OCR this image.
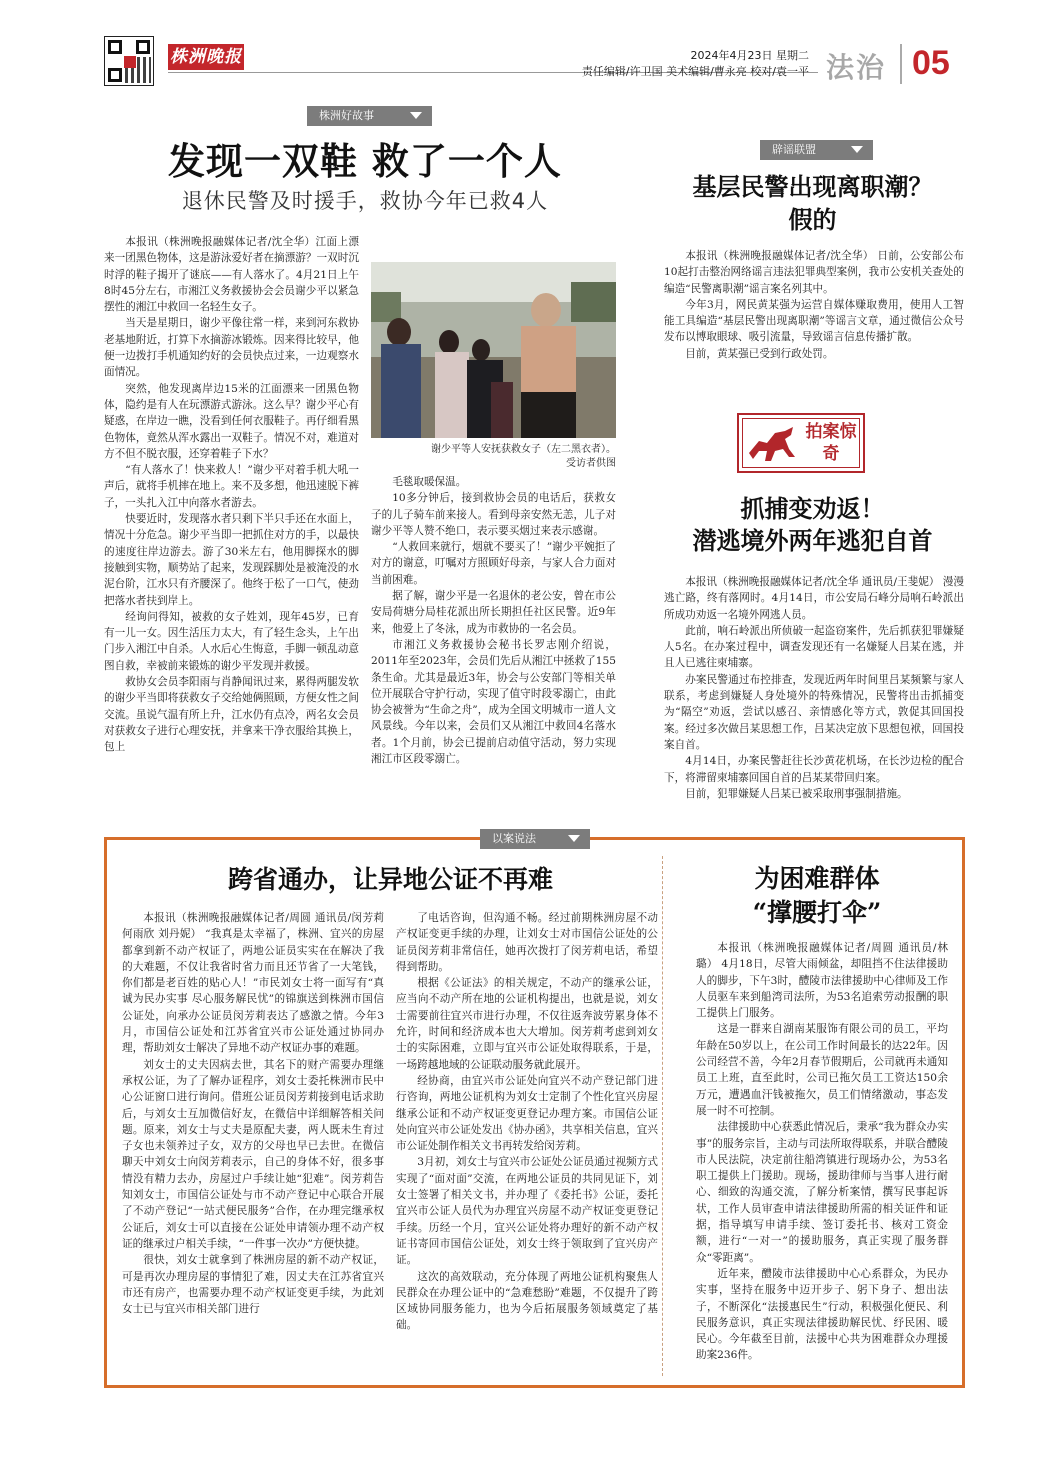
株洲晚报	2024年4月23日 星期二
责任编辑/许卫国 美术编辑/曹永亮 校对/袁一平 法治 05
株洲好故事
发现一双鞋 救了一个人
退休民警及时援手，救协今年已救4人

本报讯（株洲晚报融媒体记者/沈全华）江面上漂来一团黑色物体，这是游泳爱好者在摘漂游？一双时沉时浮的鞋子揭开了谜底——有人落水了。4月21日上午8时45分左右，市湘江义务救援协会会员谢少平以紧急摆性的湘江中救回一名轻生女子。

当天是星期日，谢少平像往常一样，来到河东救协老基地附近，打算下水摘游冰锻炼。因来得比较早，他便一边拨打手机通知约好的会员快点过来，一边观察水面情况。

突然，他发现离岸边15米的江面漂来一团黑色物体，隐约是有人在玩漂游式游泳。这么早？谢少平心有疑惑，在岸边一瞧，没看到任何衣服鞋子。再仔细看黑色物体，竟然从浑水露出一双鞋子。情况不对，难道对方不但不脱衣服，还穿着鞋子下水？

“有人落水了！快来救人！”谢少平对着手机大吼一声后，就将手机摔在地上。来不及多想，他迅速脱下裤子，一头扎入江中向落水者游去。

快要近时，发现落水者只剩下半只手还在水面上，情况十分危急。谢少平当即一把抓住对方的手，以最快的速度往岸边游去。游了30米左右，他用脚探水的脚接触到实物，顺势站了起来，发现踩脚处是被淹没的水泥台阶，江水只有齐腰深了。他终于松了一口气，使劲把落水者扶到岸上。

经询问得知，被救的女子姓刘，现年45岁，已育有一儿一女。因生活压力太大，有了轻生念头，上午出门步入湘江中自杀。人水后心生悔意，手脚一顿乱动意图自救，幸被前来锻炼的谢少平发现并救援。

救协女会员李阳雨与肖静闻讯过来，累得两腿发软的谢少平当即将获救女子交给她俩照顾，方便女性之间交流。虽说气温有所上升，江水仍有点冷，两名女会员对获救女子进行心理安抚，并拿来干净衣服给其换上，包上

谢少平等人安抚获救女子（左二黑衣者）。
受访者供图

毛毯取暖保温。

10多分钟后，接到救协会员的电话后，获救女子的儿子骑车前来接人。看到母亲安然无恙，儿子对谢少平等人赞不绝口，表示要买烟过来表示感谢。

“人救回来就行，烟就不要买了！”谢少平婉拒了对方的谢意，叮嘱对方照顾好母亲，与家人合力面对当前困难。

据了解，谢少平是一名退休的老公安，曾在市公安局荷塘分局桂花派出所长期担任社区民警。近9年来，他爱上了冬泳，成为市救协的一名会员。

市湘江义务救援协会秘书长罗志刚介绍说，2011年至2023年，会员们先后从湘江中拯救了155条生命。尤其是最近3年，协会与公安部门等相关单位开展联合守护行动，实现了值守时段零溺亡，由此协会被誉为“生命之舟”，成为全国文明城市一道人文风景线。今年以来，会员们又从湘江中救回4名落水者。1个月前，协会已提前启动值守活动，努力实现湘江市区段零溺亡。

辟谣联盟
基层民警出现离职潮？
假的

本报讯（株洲晚报融媒体记者/沈全华） 日前，公安部公布10起打击整治网络谣言违法犯罪典型案例，我市公安机关查处的编造“民警离职潮”谣言案名列其中。

今年3月，网民黄某强为运营自媒体赚取费用，使用人工智能工具编造“基层民警出现离职潮”等谣言文章，通过微信公众号发布以博取眼球、吸引流量，导致谣言信息传播扩散。

目前，黄某强已受到行政处罚。

拍案惊奇
抓捕变劝返！
潜逃境外两年逃犯自首

本报讯（株洲晚报融媒体记者/沈全华 通讯员/王斐妮） 漫漫逃亡路，终有落网时。4月14日，市公安局石峰分局响石岭派出所成功劝返一名境外网逃人员。

此前，响石岭派出所侦破一起盗窃案件，先后抓获犯罪嫌疑人5名。在办案过程中，调查发现还有一名嫌疑人吕某在逃，并且人已逃往柬埔寨。

办案民警通过布控排查，发现近两年时间里吕某频繁与家人联系，考虑到嫌疑人身处境外的特殊情况，民警将出击抓捕变为“隔空”劝返，尝试以感召、亲情感化等方式，敦促其回国投案。经过多次做吕某思想工作，吕某决定放下思想包袱，回国投案自首。

4月14日，办案民警赶往长沙黄花机场，在长沙边检的配合下，将滞留柬埔寨回国自首的吕某某带回归案。

目前，犯罪嫌疑人吕某已被采取刑事强制措施。

以案说法
跨省通办，让异地公证不再难

本报讯（株洲晚报融媒体记者/周圆 通讯员/闵芳莉 何雨欣 刘丹妮） “我真是太幸福了，株洲、宜兴的房屋都拿到新不动产权证了，两地公证员实实在在解决了我的大难题，不仅让我省时省力而且还节省了一大笔钱，你们都是老百姓的贴心人！”市民刘女士将一面写有“真诚为民办实事 尽心服务解民忧”的锦旗送到株洲市国信公证处，向承办公证员闵芳莉表达了感激之情。今年3月，市国信公证处和江苏省宜兴市公证处通过协同办理，帮助刘女士解决了异地不动产权证办事的难题。

刘女士的丈夫因病去世，其名下的财产需要办理继承权公证，为了了解办证程序，刘女士委托株洲市民中心公证窗口进行询问。借班公证员闵芳莉接到电话求助后，与刘女士互加微信好友，在微信中详细解答相关问题。原来，刘女士与丈夫是原配夫妻，两人既未生育过子女也未领养过子女，双方的父母也早已去世。在微信聊天中刘女士向闵芳莉表示，自己的身体不好，很多事情没有精力去办，房屋过户手续让她“犯难”。闵芳莉告知刘女士，市国信公证处与市不动产登记中心联合开展了不动产登记“一站式便民服务”合作，在办理完继承权公证后，刘女士可以直接在公证处申请领办理不动产权证的继承过户相关手续，“一件事一次办”方便快捷。

很快，刘女士就拿到了株洲房屋的新不动产权证，可是再次办理房屋的事情犯了难，因丈夫在江苏省宜兴市还有房产，也需要办理不动产权证变更手续，为此刘女士已与宜兴市相关部门进行

了电话咨询，但沟通不畅。经过前期株洲房屋不动产权证变更手续的办理，让刘女士对市国信公证处的公证员闵芳莉非常信任，她再次拨打了闵芳莉电话，希望得到帮助。

根据《公证法》的相关规定，不动产的继承公证，应当向不动产所在地的公证机构提出，也就是说，刘女士需要前往宜兴市进行办理，不仅往返奔波劳累身体不允许，时间和经济成本也大大增加。闵芳莉考虑到刘女士的实际困难，立即与宜兴市公证处取得联系，于是，一场跨越地域的公证联动服务就此展开。

经协商，由宜兴市公证处向宜兴不动产登记部门进行咨询，两地公证机构为刘女士定制了个性化宜兴房屋继承公证和不动产权证变更登记办理方案。市国信公证处向宜兴市公证处发出《协办函》，共享相关信息，宜兴市公证处制作相关文书再转发给闵芳莉。

3月初，刘女士与宜兴市公证处公证员通过视频方式实现了“面对面”交流，在两地公证员的共同见证下，刘女士签署了相关文书，并办理了《委托书》公证，委托宜兴市公证人员代为办理宜兴房屋不动产权证变更登记手续。历经一个月，宜兴公证处将办理好的新不动产权证书寄回市国信公证处，刘女士终于领取到了宜兴房产证。

这次的高效联动，充分体现了两地公证机构聚焦人民群众在办理公证中的“急难愁盼”难题，不仅提升了跨区域协同服务能力，也为今后拓展服务领域奠定了基础。

为困难群体
“撑腰打伞”

本报讯（株洲晚报融媒体记者/周圆 通讯员/林璐） 4月18日，尽管大雨倾盆，却阻挡不住法律援助人的脚步，下午3时，醴陵市法律援助中心律师及工作人员驱车来到船湾司法所，为53名追索劳动报酬的职工提供上门服务。

这是一群来自湖南某服饰有限公司的员工，平均年龄在50岁以上，在公司工作时间最长的达22年。因公司经营不善，今年2月春节假期后，公司就再未通知员工上班，直至此时，公司已拖欠员工工资达150余万元，遭遇血汗钱被拖欠，员工们情绪激动，事态发展一时不可控制。

法律援助中心获悉此情况后，秉承“我为群众办实事”的服务宗旨，主动与司法所取得联系，并联合醴陵市人民法院，决定前往船湾镇进行现场办公，为53名职工提供上门援助。现场，援助律师与当事人进行耐心、细致的沟通交流，了解分析案情，撰写民事起诉状，工作人员审查申请法律援助所需的相关证件和证据，指导填写申请手续、签订委托书、核对工资金额，进行“一对一”的援助服务，真正实现了服务群众“零距离”。

近年来，醴陵市法律援助中心心系群众，为民办实事，坚持在服务中迈开步子、躬下身子、想出法子，不断深化“法援惠民生”行动，积极强化便民、利民服务意识，真正实现法律援助解民忧、纾民困、暖民心。今年截至目前，法援中心共为困难群众办理援助案236件。
